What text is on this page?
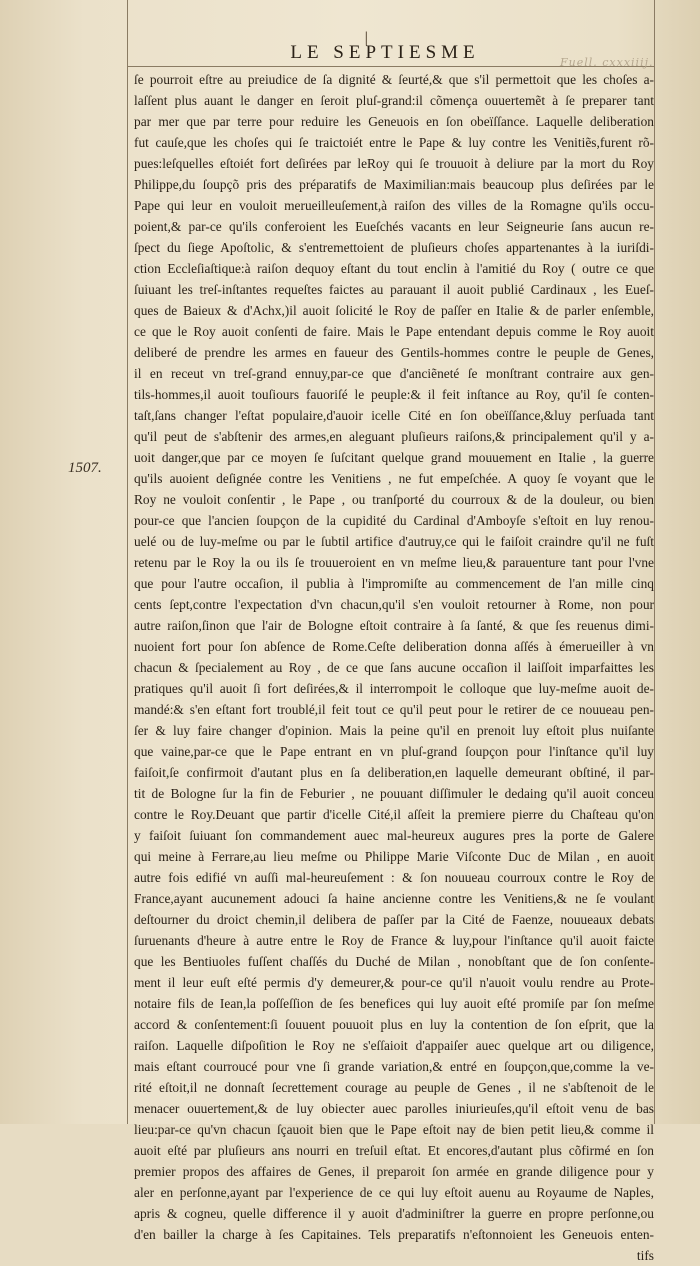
|
Fuell. cxxxiiij.
LE SEPTIESME
1507.
ſe pourroit eſtre au preiudice de ſa dignité & ſeurté,& que s'il permettoit que les choſes a-
laſſent plus auant le danger en ſeroit pluſ-grand:il cõmença ouuertemẽt à ſe preparer tant
par mer que par terre pour reduire les Geneuois en ſon obeïſſance. Laquelle deliberation
fut cauſe,que les choſes qui ſe traictoiét entre le Pape & luy contre les Venitiẽs,furent rõ-
pues:leſquelles eſtoiét fort deſirées par leRoy qui ſe trouuoit à deliure par la mort du Roy
Philippe,du ſoupçõ pris des préparatifs de Maximilian:mais beaucoup plus deſirées par le
Pape qui leur en vouloit merueilleuſement,à raiſon des villes de la Romagne qu'ils occu-
poient,& par-ce qu'ils conferoient les Eueſchés vacants en leur Seigneurie ſans aucun re-
ſpect du ſiege Apoſtolic, & s'entremettoient de pluſieurs choſes appartenantes à la iuriſdi-
ction Eccleſiaſtique:à raiſon dequoy eſtant du tout enclin à l'amitié du Roy ( outre ce que
ſuiuant les treſ-inſtantes requeſtes faictes au parauant il auoit publié Cardinaux , les Eueſ-
ques de Baieux & d'Achx,)il auoit ſolicité le Roy de paſſer en Italie & de parler enſemble,
ce que le Roy auoit conſenti de faire. Mais le Pape entendant depuis comme le Roy auoit
deliberé de prendre les armes en faueur des Gentils-hommes contre le peuple de Genes,
il en receut vn treſ-grand ennuy,par-ce que d'anciẽneté ſe monſtrant contraire aux gen-
tils-hommes,il auoit touſiours fauoriſé le peuple:& il feit inſtance au Roy, qu'il ſe conten-
taſt,ſans changer l'eſtat populaire,d'auoir icelle Cité en ſon obeïſſance,&luy perſuada tant
qu'il peut de s'abſtenir des armes,en aleguant pluſieurs raiſons,& principalement qu'il y a-
uoit danger,que par ce moyen ſe ſuſcitant quelque grand mouuement en Italie , la guerre
qu'ils auoient deſignée contre les Venitiens , ne fut empeſchée. A quoy ſe voyant que le
Roy ne vouloit conſentir , le Pape , ou tranſporté du courroux & de la douleur, ou bien
pour-ce que l'ancien ſoupçon de la cupidité du Cardinal d'Amboyſe s'eſtoit en luy renou-
uelé ou de luy-meſme ou par le ſubtil artifice d'autruy,ce qui le faiſoit craindre qu'il ne fuſt
retenu par le Roy la ou ils ſe trouueroient en vn meſme lieu,& parauenture tant pour l'vne
que pour l'autre occaſion, il publia à l'impromiſte au commencement de l'an mille cinq
cents ſept,contre l'expectation d'vn chacun,qu'il s'en vouloit retourner à Rome, non pour
autre raiſon,ſinon que l'air de Bologne eſtoit contraire à ſa ſanté, & que ſes reuenus dimi-
nuoient fort pour ſon abſence de Rome.Ceſte deliberation donna aſſés à émerueiller à vn
chacun & ſpecialement au Roy , de ce que ſans aucune occaſion il laiſſoit imparfaittes les
pratiques qu'il auoit ſi fort deſirées,& il interrompoit le colloque que luy-meſme auoit de-
mandé:& s'en eſtant fort troublé,il feit tout ce qu'il peut pour le retirer de ce nouueau pen-
ſer & luy faire changer d'opinion. Mais la peine qu'il en prenoit luy eſtoit plus nuiſante
que vaine,par-ce que le Pape entrant en vn pluſ-grand ſoupçon pour l'inſtance qu'il luy
faiſoit,ſe confirmoit d'autant plus en ſa deliberation,en laquelle demeurant obſtiné, il par-
tit de Bologne ſur la fin de Feburier , ne pouuant diſſimuler le dedaing qu'il auoit conceu
contre le Roy.Deuant que partir d'icelle Cité,il aſſeit la premiere pierre du Chaſteau qu'on
y faiſoit ſuiuant ſon commandement auec mal-heureux augures pres la porte de Galere
qui meine à Ferrare,au lieu meſme ou Philippe Marie Viſconte Duc de Milan , en auoit
autre fois edifié vn auſſi mal-heureuſement : & ſon nouueau courroux contre le Roy de
France,ayant aucunement adouci ſa haine ancienne contre les Venitiens,& ne ſe voulant
deſtourner du droict chemin,il delibera de paſſer par la Cité de Faenze, nouueaux debats
ſuruenants d'heure à autre entre le Roy de France & luy,pour l'inſtance qu'il auoit faicte
que les Bentiuoles fuſſent chaſſés du Duché de Milan , nonobſtant que de ſon conſente-
ment il leur euſt eſté permis d'y demeurer,& pour-ce qu'il n'auoit voulu rendre au Prote-
notaire fils de Iean,la poſſeſſion de ſes benefices qui luy auoit eſté promiſe par ſon meſme
accord & conſentement:ſi ſouuent pouuoit plus en luy la contention de ſon eſprit, que la
raiſon. Laquelle diſpoſition le Roy ne s'eſſaioit d'appaiſer auec quelque art ou diligence,
mais eſtant courroucé pour vne ſi grande variation,& entré en ſoupçon,que,comme la ve-
rité eſtoit,il ne donnaſt ſecrettement courage au peuple de Genes , il ne s'abſtenoit de le
menacer ouuertement,& de luy obiecter auec parolles iniurieuſes,qu'il eſtoit venu de bas
lieu:par-ce qu'vn chacun ſçauoit bien que le Pape eſtoit nay de bien petit lieu,& comme il
auoit eſté par pluſieurs ans nourri en treſuil eſtat. Et encores,d'autant plus cõfirmé en ſon
premier propos des affaires de Genes, il preparoit ſon armée en grande diligence pour y
aler en perſonne,ayant par l'experience de ce qui luy eſtoit auenu au Royaume de Naples,
apris & cogneu, quelle difference il y auoit d'adminiſtrer la guerre en propre perſonne,ou
d'en bailler la charge à ſes Capitaines. Tels preparatifs n'eſtonnoient les Geneuois enten-
tifs
